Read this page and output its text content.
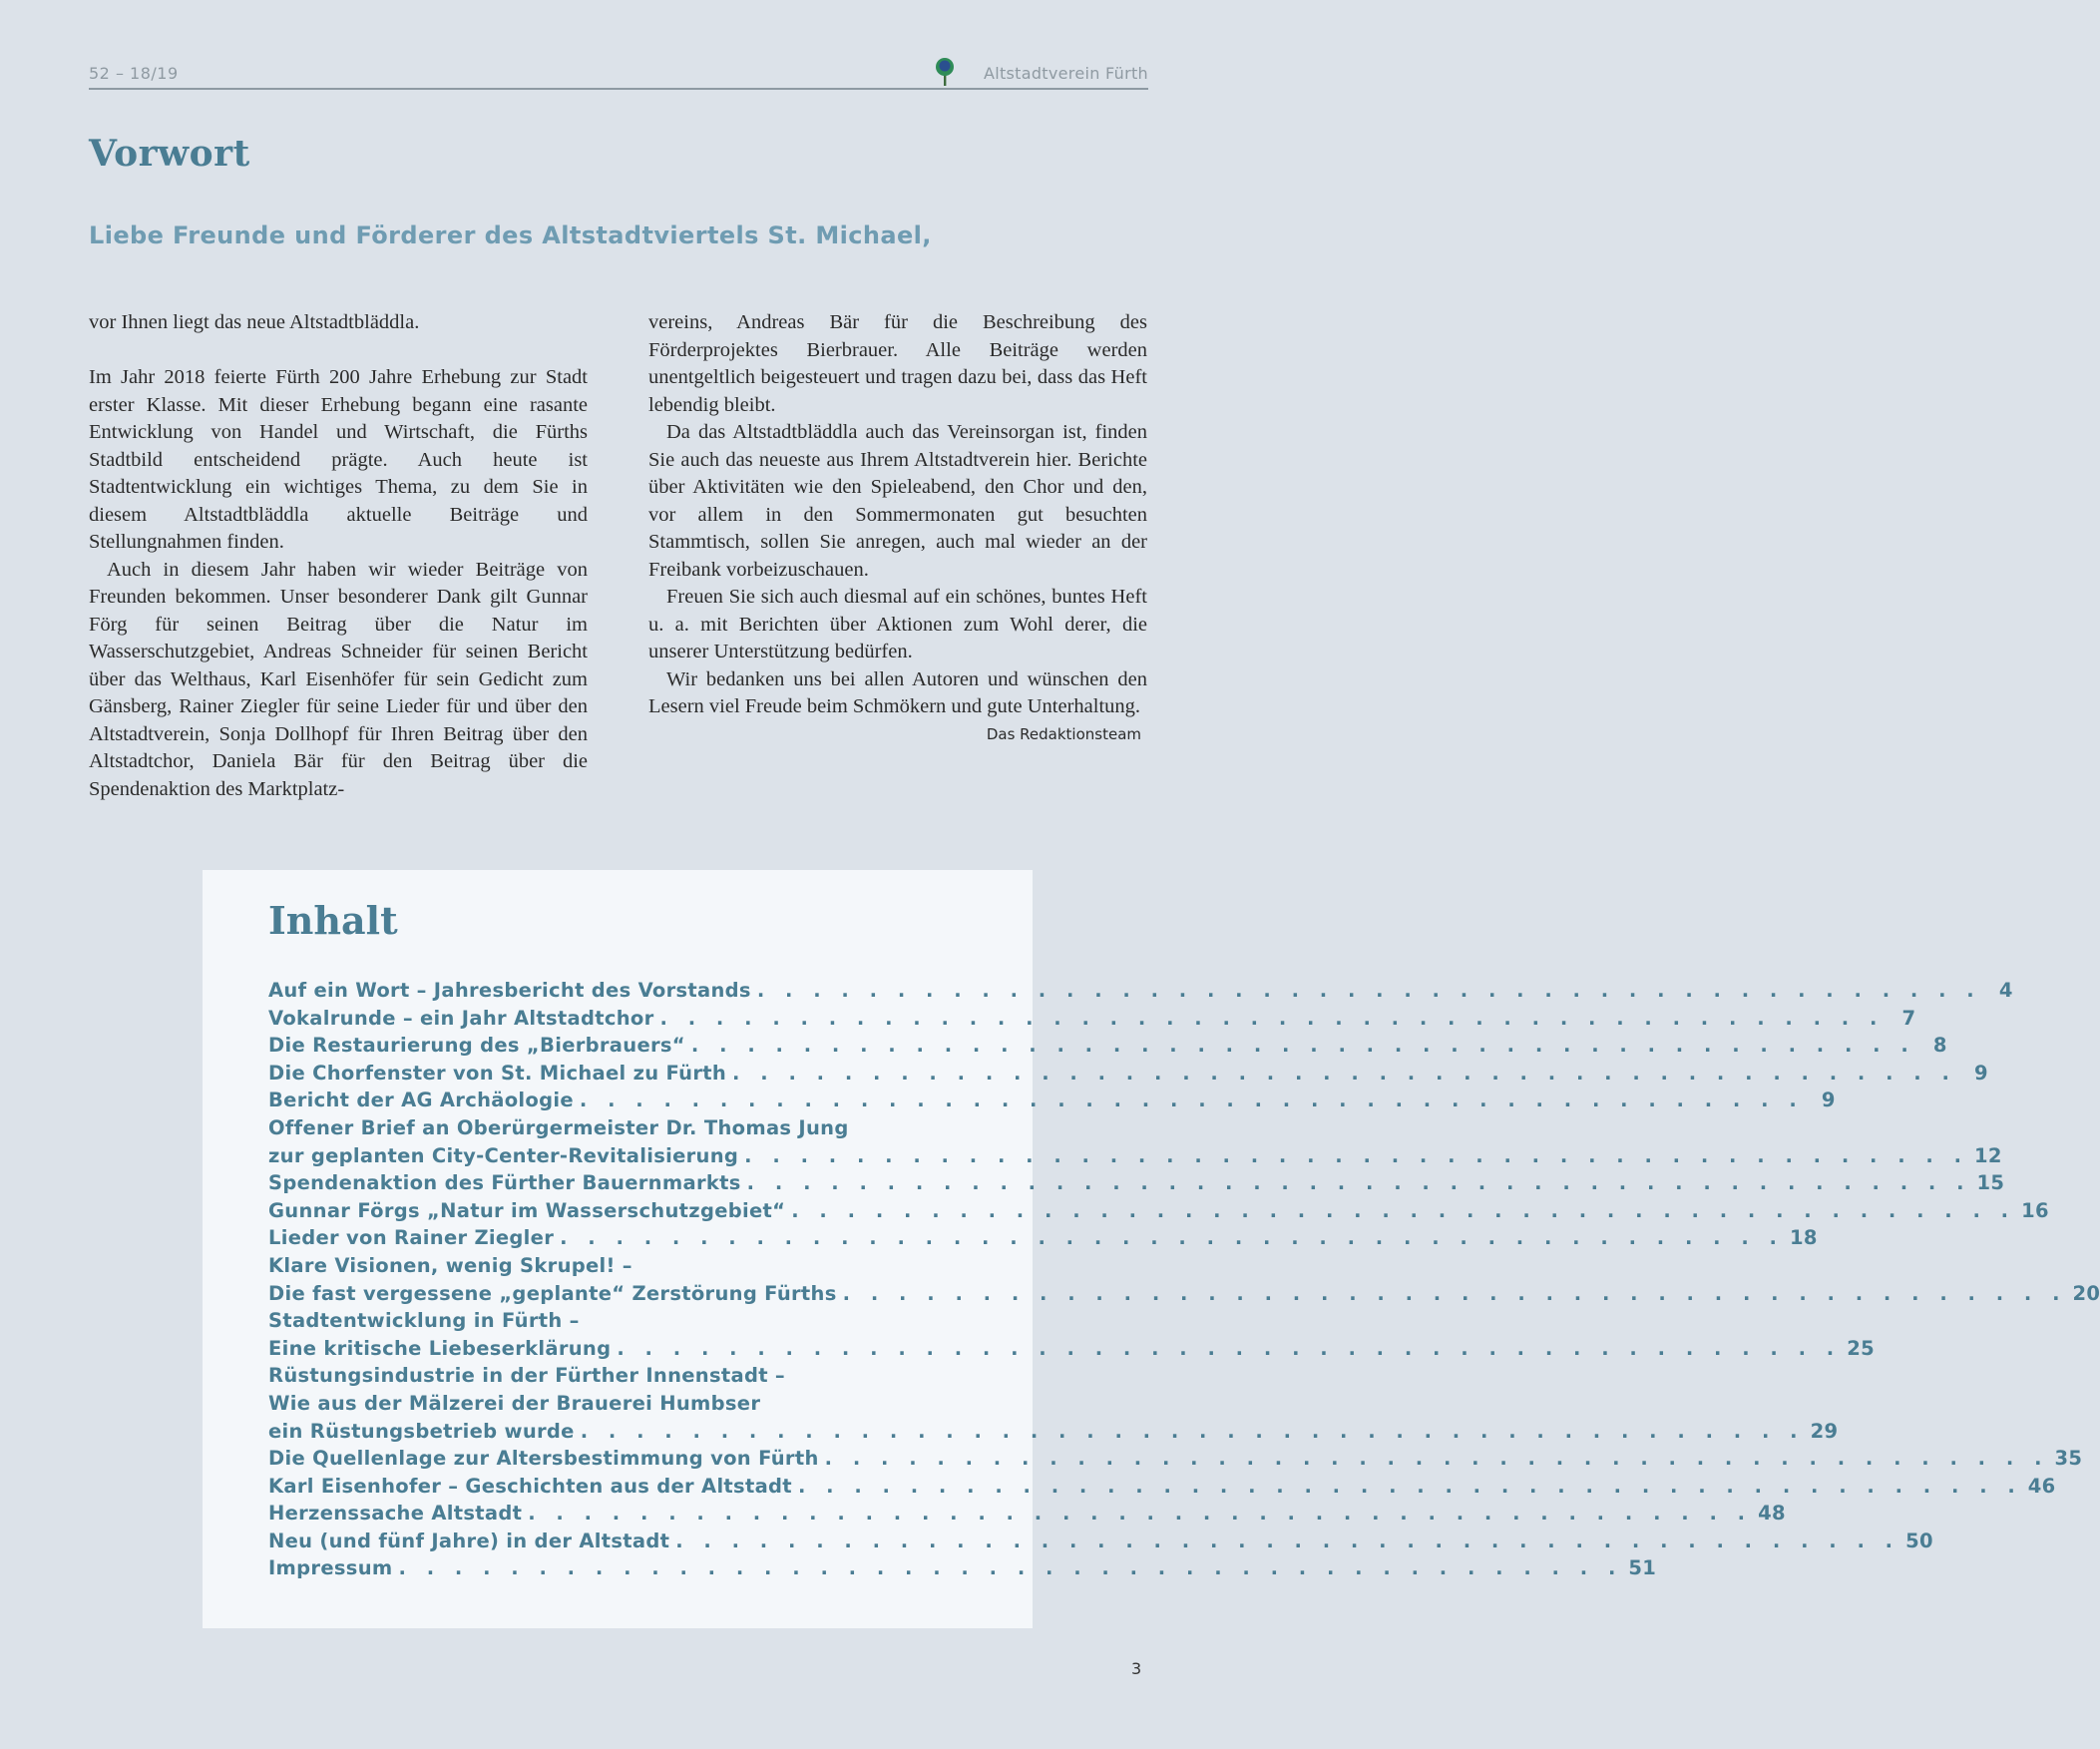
52 – 18/19	Altstadtverein Fürth
Vorwort
Liebe Freunde und Förderer des Altstadtviertels St. Michael,

vor Ihnen liegt das neue Altstadtbläddla.

Im Jahr 2018 feierte Fürth 200 Jahre Erhebung zur Stadt erster Klasse. Mit dieser Erhebung begann eine rasante Entwicklung von Handel und Wirtschaft, die Fürths Stadtbild entscheidend prägte. Auch heute ist Stadtentwicklung ein wichtiges Thema, zu dem Sie in diesem Altstadtbläddla aktuelle Beiträge und Stellungnahmen finden.

Auch in diesem Jahr haben wir wieder Beiträge von Freunden bekommen. Unser besonderer Dank gilt Gunnar Förg für seinen Beitrag über die Natur im Wasserschutzgebiet, Andreas Schneider für seinen Bericht über das Welthaus, Karl Eisenhöfer für sein Gedicht zum Gänsberg, Rainer Ziegler für seine Lieder für und über den Altstadtverein, Sonja Dollhopf für Ihren Beitrag über den Altstadtchor, Daniela Bär für den Beitrag über die Spendenaktion des Marktplatz-

vereins, Andreas Bär für die Beschreibung des Förderprojektes Bierbrauer. Alle Beiträge werden unentgeltlich beigesteuert und tragen dazu bei, dass das Heft lebendig bleibt.

Da das Altstadtbläddla auch das Vereinsorgan ist, finden Sie auch das neueste aus Ihrem Altstadtverein hier. Berichte über Aktivitäten wie den Spieleabend, den Chor und den, vor allem in den Sommermonaten gut besuchten Stammtisch, sollen Sie anregen, auch mal wieder an der Freibank vorbeizuschauen.

Freuen Sie sich auch diesmal auf ein schönes, buntes Heft u. a. mit Berichten über Aktionen zum Wohl derer, die unserer Unterstützung bedürfen.

Wir bedanken uns bei allen Autoren und wünschen den Lesern viel Freude beim Schmökern und gute Unterhaltung.

Das Redaktionsteam

Inhalt
Auf ein Wort – Jahresbericht des Vorstands . . . . . . . . . . . . . . . . . . . . . . . . . . . . . . . . . . . . . . . . . . . . 4
Vokalrunde – ein Jahr Altstadtchor . . . . . . . . . . . . . . . . . . . . . . . . . . . . . . . . . . . . . . . . . . . . 7
Die Restaurierung des „Bierbrauers“ . . . . . . . . . . . . . . . . . . . . . . . . . . . . . . . . . . . . . . . . . . . . 8
Die Chorfenster von St. Michael zu Fürth . . . . . . . . . . . . . . . . . . . . . . . . . . . . . . . . . . . . . . . . . . . . 9
Bericht der AG Archäologie . . . . . . . . . . . . . . . . . . . . . . . . . . . . . . . . . . . . . . . . . . . . 9
Offener Brief an Oberürgermeister Dr. Thomas Jung
zur geplanten City-Center-Revitalisierung . . . . . . . . . . . . . . . . . . . . . . . . . . . . . . . . . . . . . . . . . . . . 12
Spendenaktion des Fürther Bauernmarkts . . . . . . . . . . . . . . . . . . . . . . . . . . . . . . . . . . . . . . . . . . . . 15
Gunnar Förgs „Natur im Wasserschutzgebiet“ . . . . . . . . . . . . . . . . . . . . . . . . . . . . . . . . . . . . . . . . . . . . 16
Lieder von Rainer Ziegler . . . . . . . . . . . . . . . . . . . . . . . . . . . . . . . . . . . . . . . . . . . . 18
Klare Visionen, wenig Skrupel! –
Die fast vergessene „geplante“ Zerstörung Fürths . . . . . . . . . . . . . . . . . . . . . . . . . . . . . . . . . . . . . . . . . . . . 20
Stadtentwicklung in Fürth –
Eine kritische Liebeserklärung . . . . . . . . . . . . . . . . . . . . . . . . . . . . . . . . . . . . . . . . . . . . 25
Rüstungsindustrie in der Fürther Innenstadt –
Wie aus der Mälzerei der Brauerei Humbser
ein Rüstungsbetrieb wurde . . . . . . . . . . . . . . . . . . . . . . . . . . . . . . . . . . . . . . . . . . . . 29
Die Quellenlage zur Altersbestimmung von Fürth . . . . . . . . . . . . . . . . . . . . . . . . . . . . . . . . . . . . . . . . . . . . 35
Karl Eisenhofer – Geschichten aus der Altstadt . . . . . . . . . . . . . . . . . . . . . . . . . . . . . . . . . . . . . . . . . . . . 46
Herzenssache Altstadt . . . . . . . . . . . . . . . . . . . . . . . . . . . . . . . . . . . . . . . . . . . . 48
Neu (und fünf Jahre) in der Altstadt . . . . . . . . . . . . . . . . . . . . . . . . . . . . . . . . . . . . . . . . . . . . 50
Impressum . . . . . . . . . . . . . . . . . . . . . . . . . . . . . . . . . . . . . . . . . . . . 51
3
